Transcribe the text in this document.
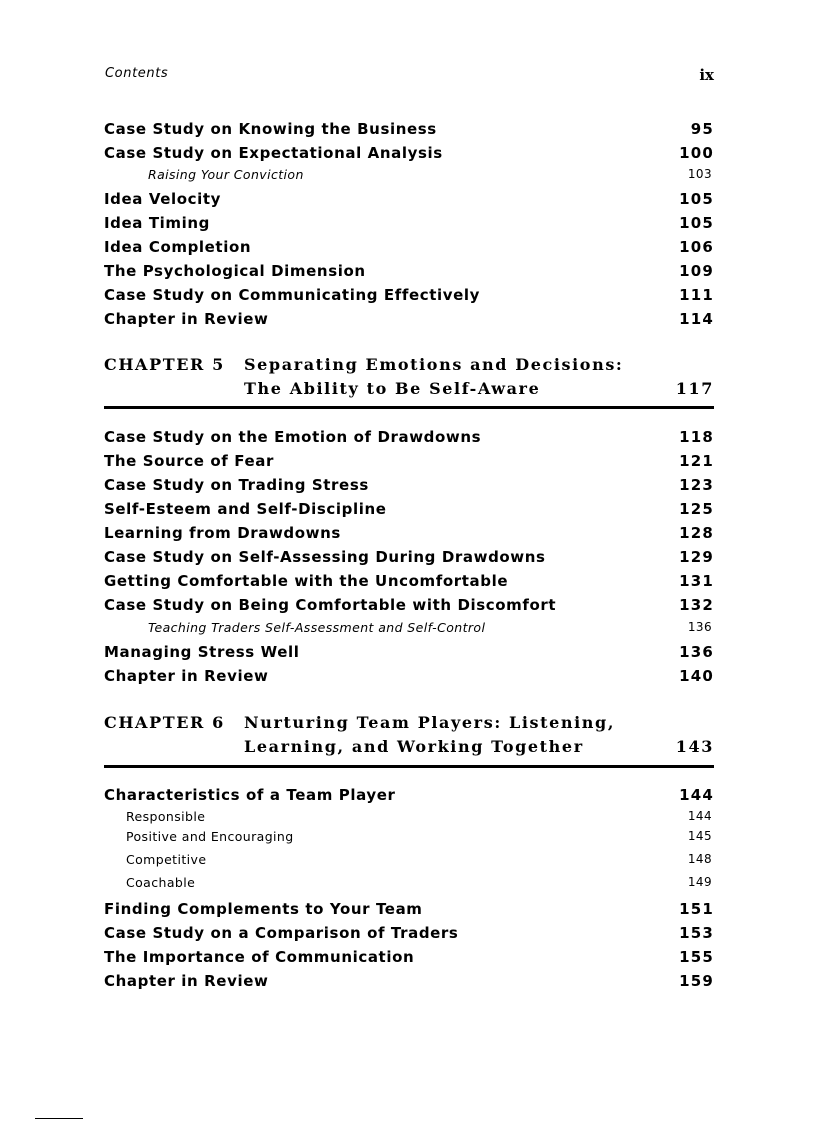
Contents	ix
Case Study on Knowing the Business	95
Case Study on Expectational Analysis	100
Raising Your Conviction	103
Idea Velocity	105
Idea Timing	105
Idea Completion	106
The Psychological Dimension	109
Case Study on Communicating Effectively	111
Chapter in Review	114
CHAPTER 5 Separating Emotions and Decisions:
The Ability to Be Self-Aware	117
Case Study on the Emotion of Drawdowns	118
The Source of Fear	121
Case Study on Trading Stress	123
Self-Esteem and Self-Discipline	125
Learning from Drawdowns	128
Case Study on Self-Assessing During Drawdowns	129
Getting Comfortable with the Uncomfortable	131
Case Study on Being Comfortable with Discomfort	132
Teaching Traders Self-Assessment and Self-Control	136
Managing Stress Well	136
Chapter in Review	140
CHAPTER 6 Nurturing Team Players: Listening,
Learning, and Working Together	143
Characteristics of a Team Player	144
Responsible	144
Positive and Encouraging	145
Competitive	148
Coachable	149
Finding Complements to Your Team	151
Case Study on a Comparison of Traders	153
The Importance of Communication	155
Chapter in Review	159
